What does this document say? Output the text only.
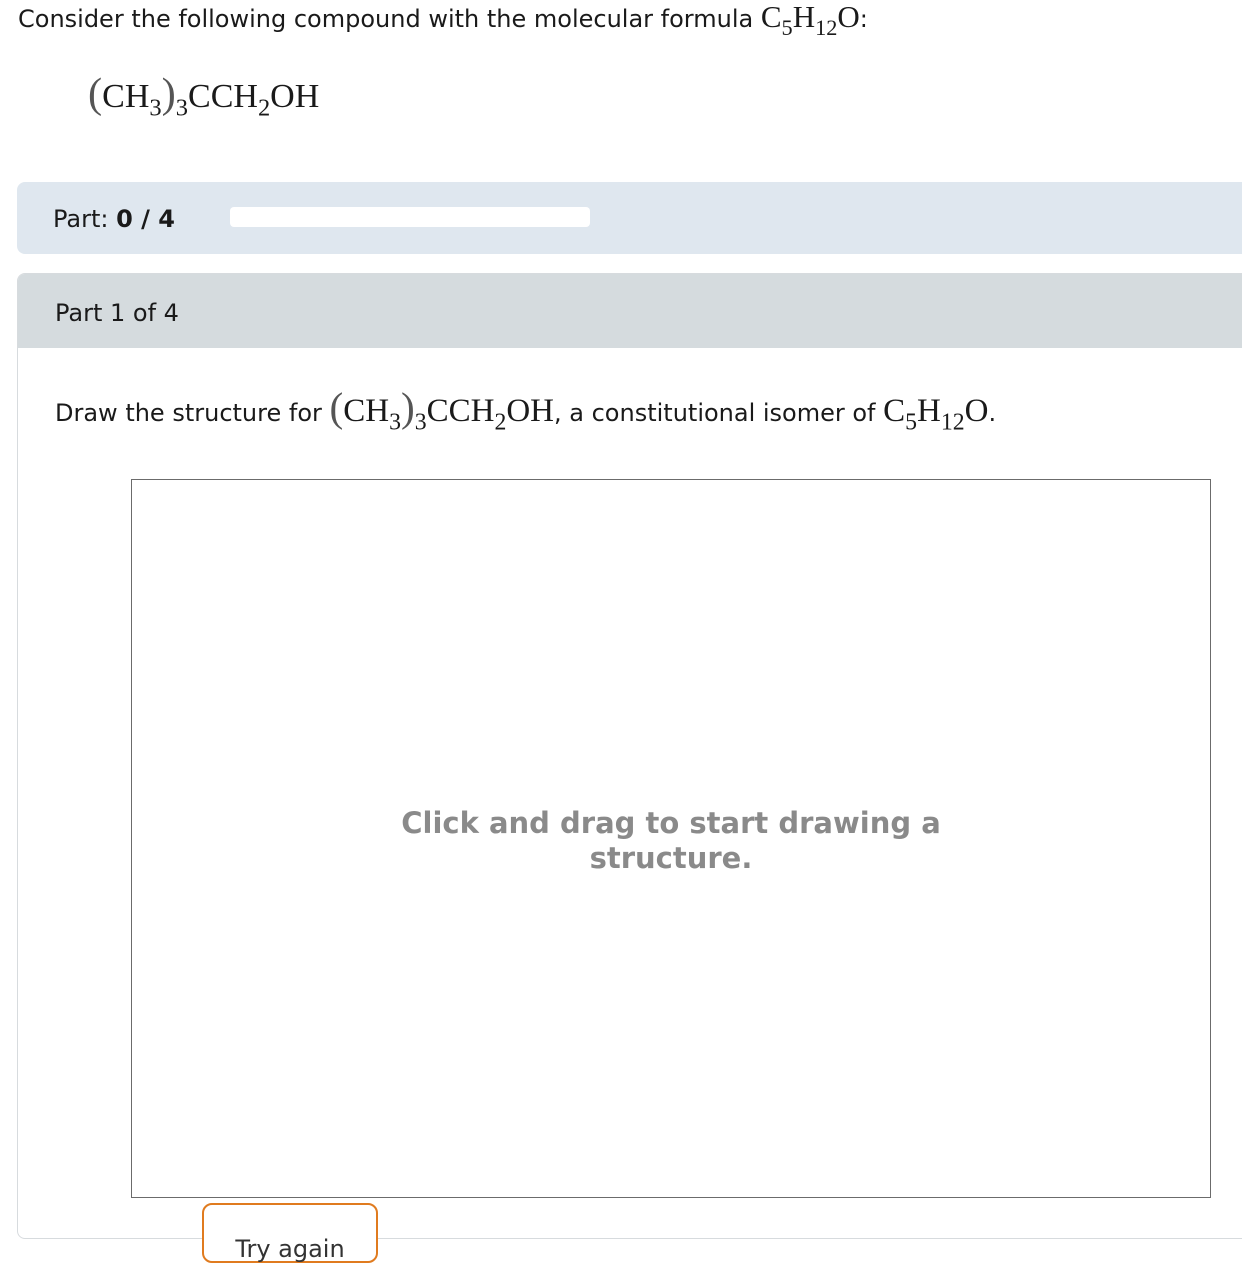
Consider the following compound with the molecular formula $C_5H_{12}O$:
$(CH_3)_3CCH_2OH$
Part: 0 / 4
Part 1 of 4
Draw the structure for $(CH_3)_3CCH_2OH$, a constitutional isomer of $C_5H_{12}O$.
Click and drag to start drawing a
structure.
Try again
